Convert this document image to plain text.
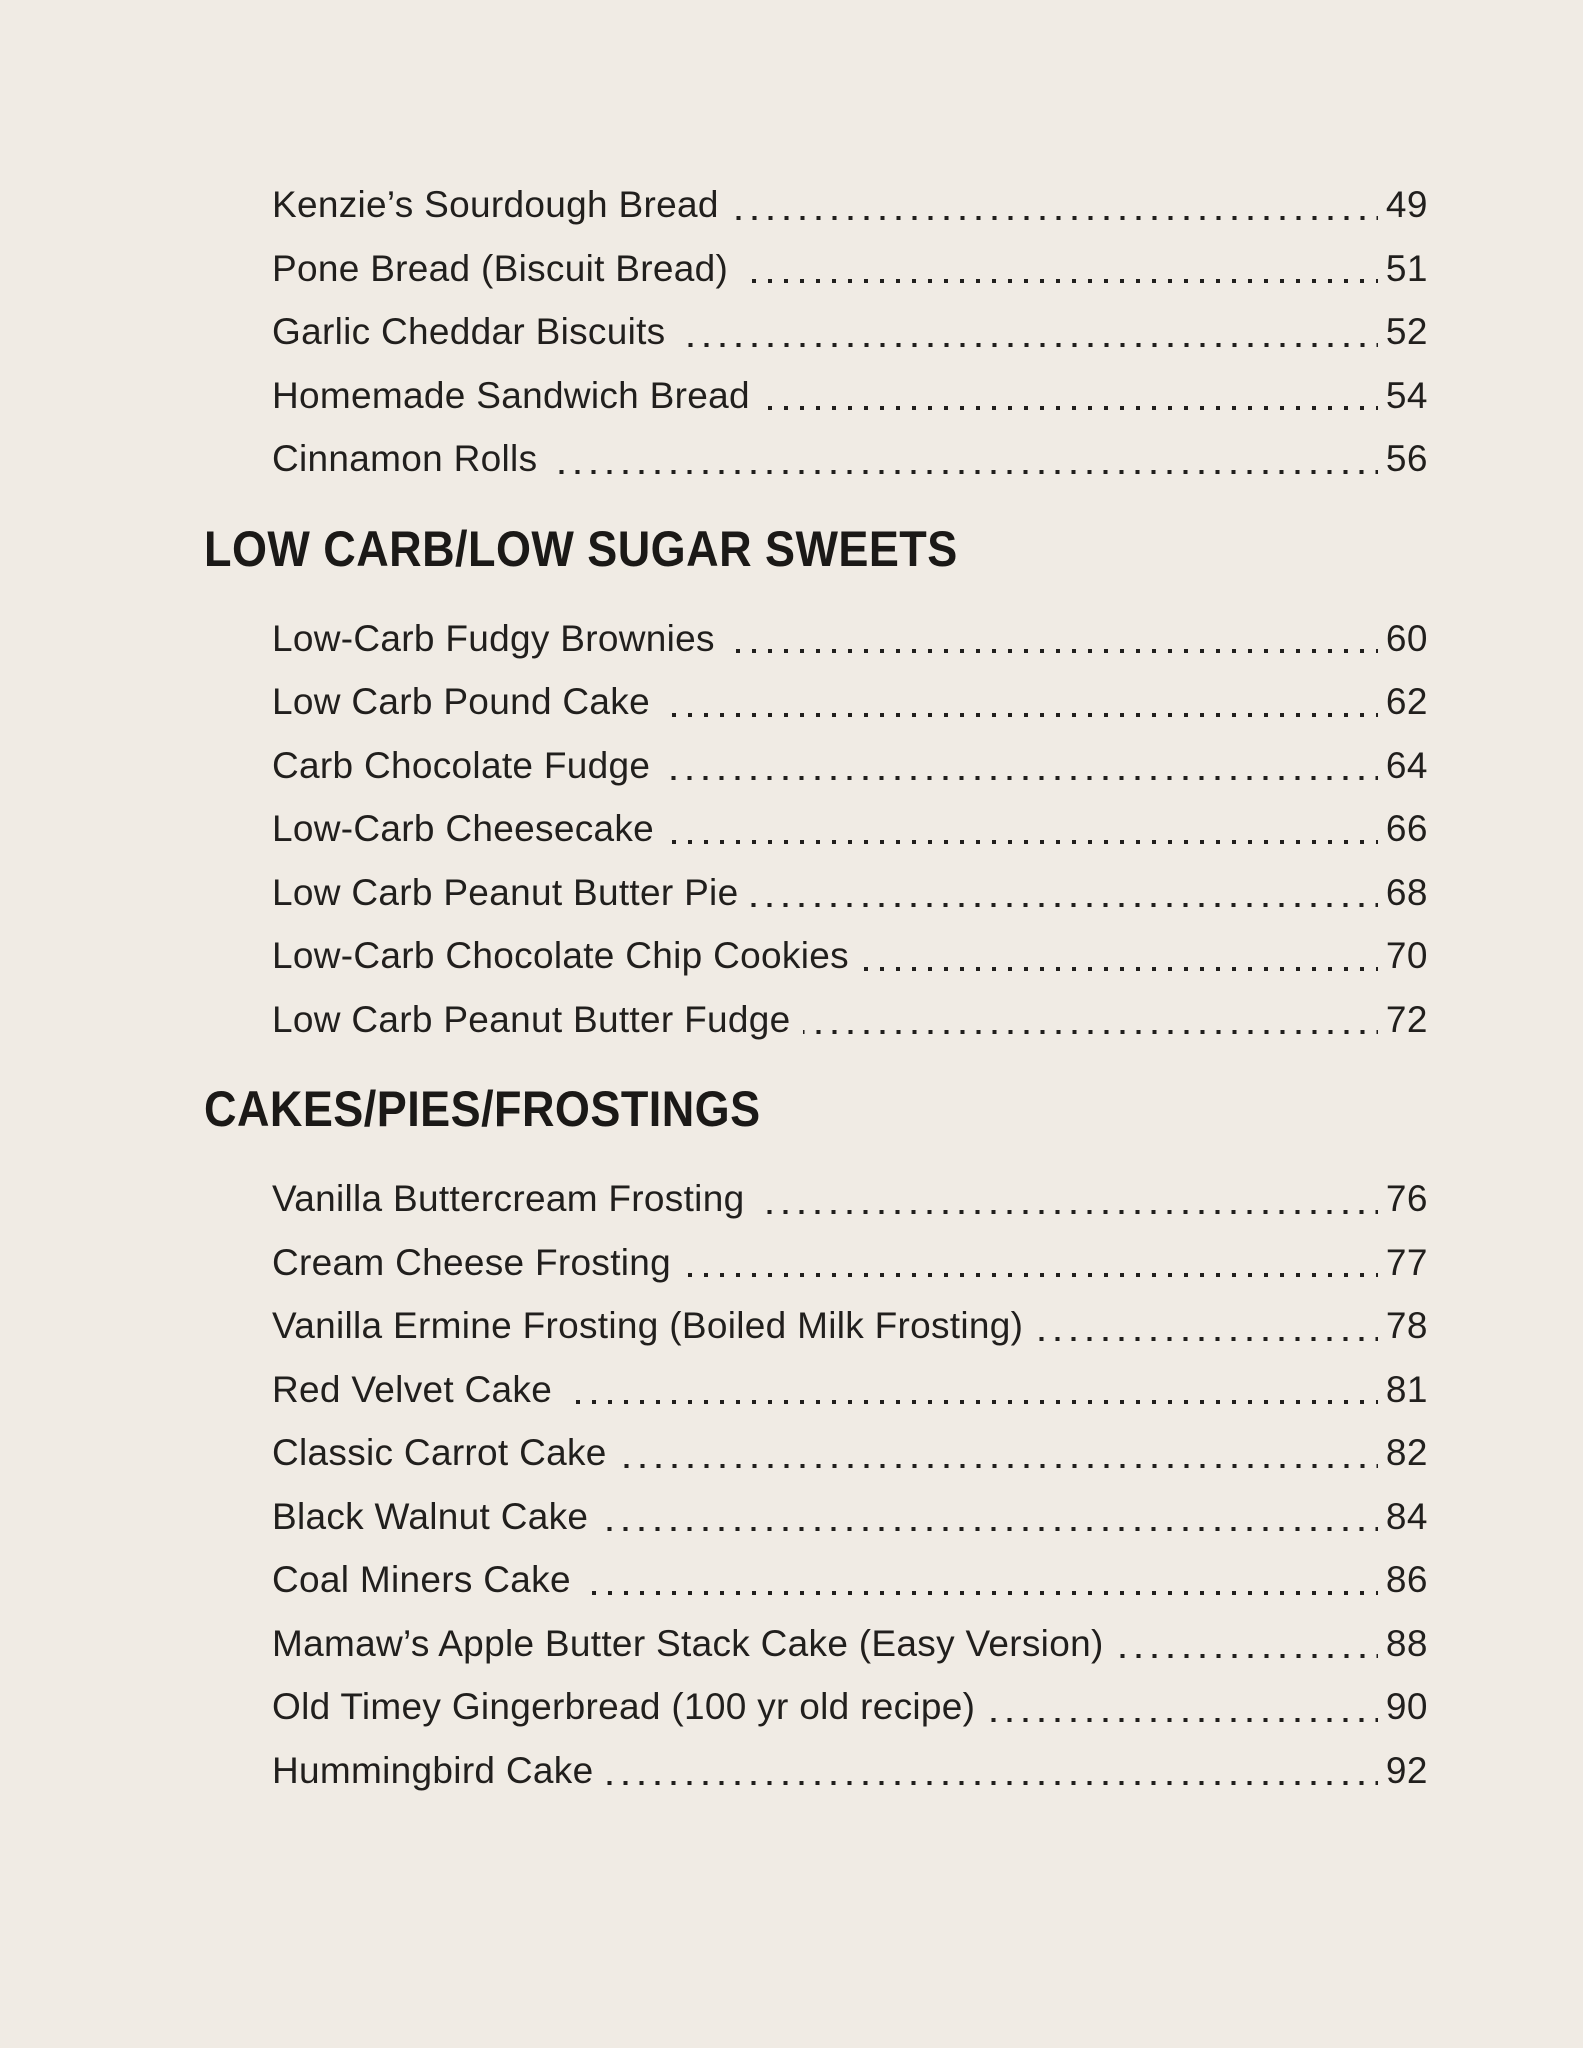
Kenzie’s Sourdough Bread	49
Pone Bread (Biscuit Bread)	51
Garlic Cheddar Biscuits	52
Homemade Sandwich Bread	54
Cinnamon Rolls	56
LOW CARB/LOW SUGAR SWEETS
Low-Carb Fudgy Brownies	60
Low Carb Pound Cake	62
Carb Chocolate Fudge	64
Low-Carb Cheesecake	66
Low Carb Peanut Butter Pie	68
Low-Carb Chocolate Chip Cookies	70
Low Carb Peanut Butter Fudge	72
CAKES/PIES/FROSTINGS
Vanilla Buttercream Frosting	76
Cream Cheese Frosting	77
Vanilla Ermine Frosting (Boiled Milk Frosting)	78
Red Velvet Cake	81
Classic Carrot Cake	82
Black Walnut Cake	84
Coal Miners Cake	86
Mamaw’s Apple Butter Stack Cake (Easy Version)	88
Old Timey Gingerbread (100 yr old recipe)	90
Hummingbird Cake	92
